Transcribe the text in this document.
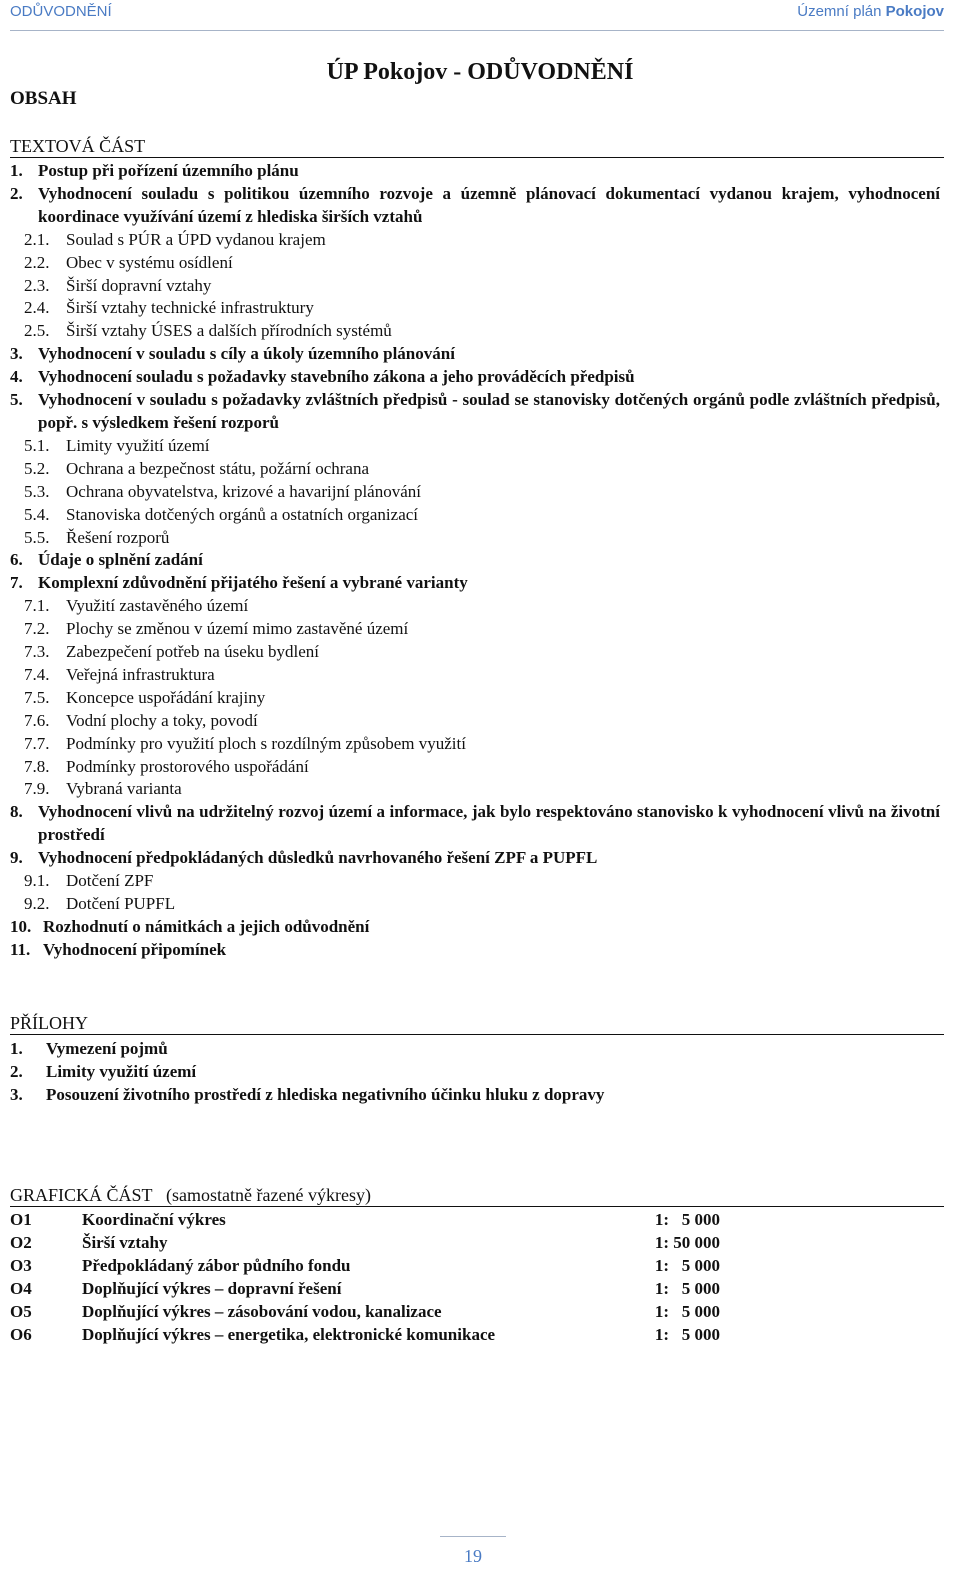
ODŮVODNĚNÍ	Územní plán Pokojov
ÚP Pokojov - ODŮVODNĚNÍ
OBSAH
TEXTOVÁ ČÁST
1. Postup při pořízení územního plánu
2. Vyhodnocení souladu s politikou územního rozvoje a územně plánovací dokumentací vydanou krajem, vyhodnocení koordinace využívání území z hlediska širších vztahů
2.1. Soulad s PÚR a ÚPD vydanou krajem
2.2. Obec v systému osídlení
2.3. Širší dopravní vztahy
2.4. Širší vztahy technické infrastruktury
2.5. Širší vztahy ÚSES a dalších přírodních systémů
3. Vyhodnocení v souladu s cíly a úkoly územního plánování
4. Vyhodnocení souladu s požadavky stavebního zákona a jeho prováděcích předpisů
5. Vyhodnocení v souladu s požadavky zvláštních předpisů - soulad se stanovisky dotčených orgánů podle zvláštních předpisů, popř. s výsledkem řešení rozporů
5.1. Limity využití území
5.2. Ochrana a bezpečnost státu, požární ochrana
5.3. Ochrana obyvatelstva, krizové a havarijní plánování
5.4. Stanoviska dotčených orgánů a ostatních organizací
5.5. Řešení rozporů
6. Údaje o splnění zadání
7. Komplexní zdůvodnění přijatého řešení a vybrané varianty
7.1. Využití zastavěného území
7.2. Plochy se změnou v území mimo zastavěné území
7.3. Zabezpečení potřeb na úseku bydlení
7.4. Veřejná infrastruktura
7.5. Koncepce uspořádání krajiny
7.6. Vodní plochy a toky, povodí
7.7. Podmínky pro využití ploch s rozdílným způsobem využití
7.8. Podmínky prostorového uspořádání
7.9. Vybraná varianta
8. Vyhodnocení vlivů na udržitelný rozvoj území a informace, jak bylo respektováno stanovisko k vyhodnocení vlivů na životní prostředí
9. Vyhodnocení předpokládaných důsledků navrhovaného řešení ZPF a PUPFL
9.1. Dotčení ZPF
9.2. Dotčení PUPFL
10. Rozhodnutí o námitkách a jejich odůvodnění
11. Vyhodnocení připomínek
PŘÍLOHY
1.	Vymezení pojmů
2.	Limity využití území
3.	Posouzení životního prostředí z hlediska negativního účinku hluku z dopravy
GRAFICKÁ ČÁST (samostatně řazené výkresy)
O1	Koordinační výkres	1:   5 000
O2	Širší vztahy	1: 50 000
O3	Předpokládaný zábor půdního fondu	1:   5 000
O4	Doplňující výkres – dopravní řešení	1:   5 000
O5	Doplňující výkres – zásobování vodou, kanalizace	1:   5 000
O6	Doplňující výkres – energetika, elektronické komunikace	1:   5 000
19
